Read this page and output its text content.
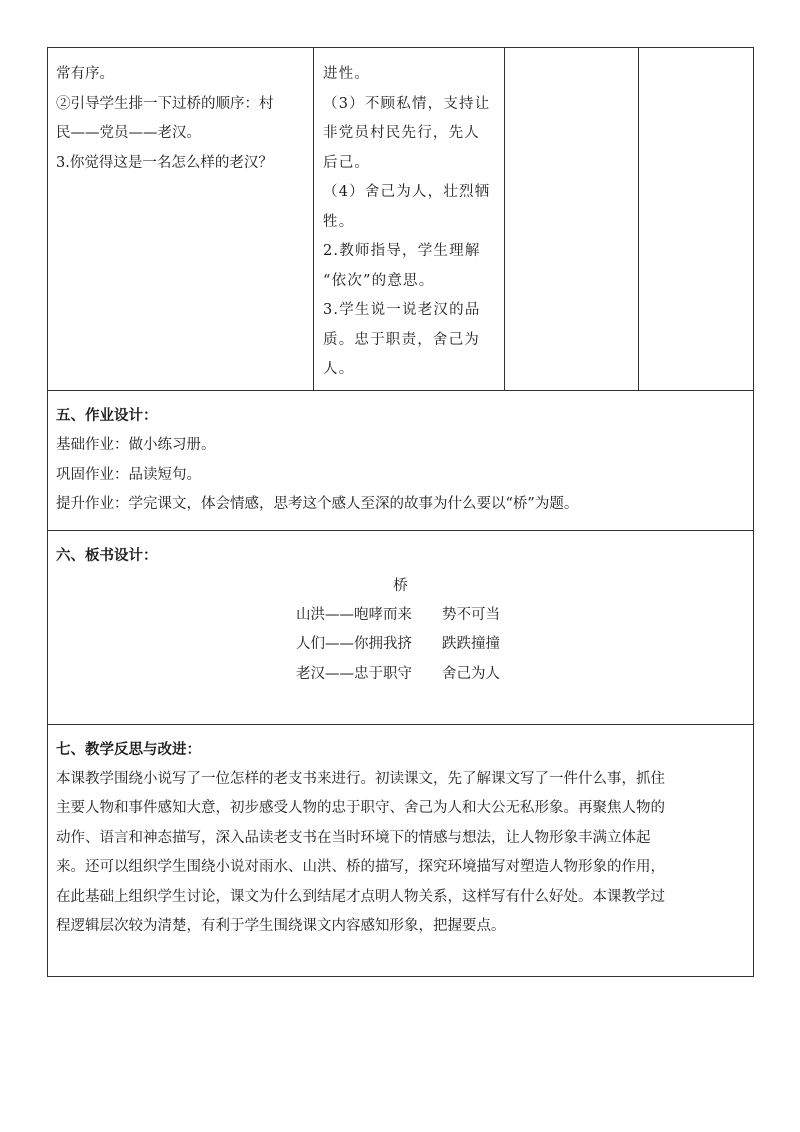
常有序。
②引导学生排一下过桥的顺序：村
民——党员——老汉。
3.你觉得这是一名怎么样的老汉？

进性。
（3）不顾私情，支持让
非党员村民先行，先人
后己。
（4）舍己为人，壮烈牺
牲。
2.教师指导，学生理解
“依次”的意思。
3.学生说一说老汉的品
质。忠于职责，舍己为
人。

五、作业设计：
基础作业：做小练习册。
巩固作业：品读短句。
提升作业：学完课文，体会情感，思考这个感人至深的故事为什么要以“桥”为题。

六、板书设计：
桥
山洪——咆哮而来 势不可当
人们——你拥我挤 跌跌撞撞
老汉——忠于职守 舍己为人

七、教学反思与改进：
本课教学围绕小说写了一位怎样的老支书来进行。初读课文，先了解课文写了一件什么事，抓住
主要人物和事件感知大意，初步感受人物的忠于职守、舍己为人和大公无私形象。再聚焦人物的
动作、语言和神态描写，深入品读老支书在当时环境下的情感与想法，让人物形象丰满立体起
来。还可以组织学生围绕小说对雨水、山洪、桥的描写，探究环境描写对塑造人物形象的作用，
在此基础上组织学生讨论，课文为什么到结尾才点明人物关系，这样写有什么好处。本课教学过
程逻辑层次较为清楚，有利于学生围绕课文内容感知形象，把握要点。
